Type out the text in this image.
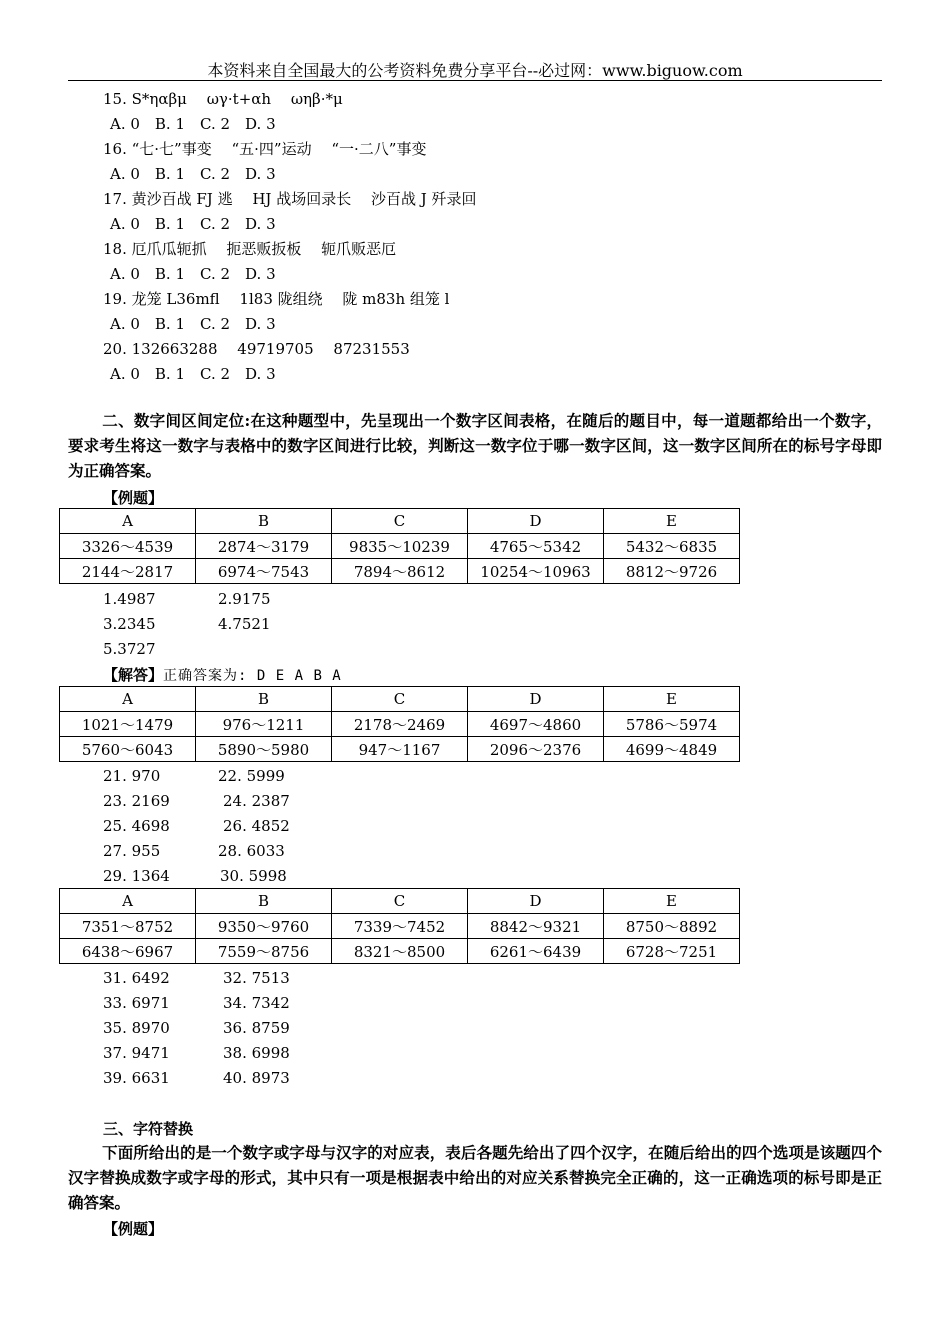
本资料来自全国最大的公考资料免费分享平台--必过网：www.biguow.com
15. S*ηαβμ　 ωγ·t+αh　 ωηβ·*μ
A. 0　B. 1　C. 2　D. 3
16. “七·七”事变　 “五·四”运动　 “一·二八”事变
A. 0　B. 1　C. 2　D. 3
17. 黄沙百战 FJ 逃　 HJ 战场回录长　 沙百战 J 歼录回
A. 0　B. 1　C. 2　D. 3
18. 厄爪瓜轭抓　 扼恶贩扳板　 轭爪贩恶厄
A. 0　B. 1　C. 2　D. 3
19. 龙笼 L36mfl　 1l83 陇组绕　 陇 m83h 组笼 l
A. 0　B. 1　C. 2　D. 3
20. 132663288　 49719705　 87231553
A. 0　B. 1　C. 2　D. 3
二、数字间区间定位:在这种题型中，先呈现出一个数字区间表格，在随后的题目中，每一道题都给出一个数字，要求考生将这一数字与表格中的数字区间进行比较，判断这一数字位于哪一数字区间，这一数字区间所在的标号字母即为正确答案。
【例题】
A	B	C	D	E
3326～4539	2874～3179	9835～10239	4765～5342	5432～6835
2144～2817	6974～7543	7894～8612	10254～10963	8812～9726
1.4987	2.9175
3.2345	4.7521
5.3727
【解答】正确答案为: D E A B A
A	B	C	D	E
1021～1479	976～1211	2178～2469	4697～4860	5786～5974
5760～6043	5890～5980	947～1167	2096～2376	4699～4849
21. 970	22. 5999
23. 2169	24. 2387
25. 4698	26. 4852
27. 955	28. 6033
29. 1364	30. 5998
A	B	C	D	E
7351～8752	9350～9760	7339～7452	8842～9321	8750～8892
6438～6967	7559～8756	8321～8500	6261～6439	6728～7251
31. 6492	32. 7513
33. 6971	34. 7342
35. 8970	36. 8759
37. 9471	38. 6998
39. 6631	40. 8973
三、字符替换
下面所给出的是一个数字或字母与汉字的对应表，表后各题先给出了四个汉字，在随后给出的四个选项是该题四个汉字替换成数字或字母的形式，其中只有一项是根据表中给出的对应关系替换完全正确的，这一正确选项的标号即是正确答案。
【例题】
